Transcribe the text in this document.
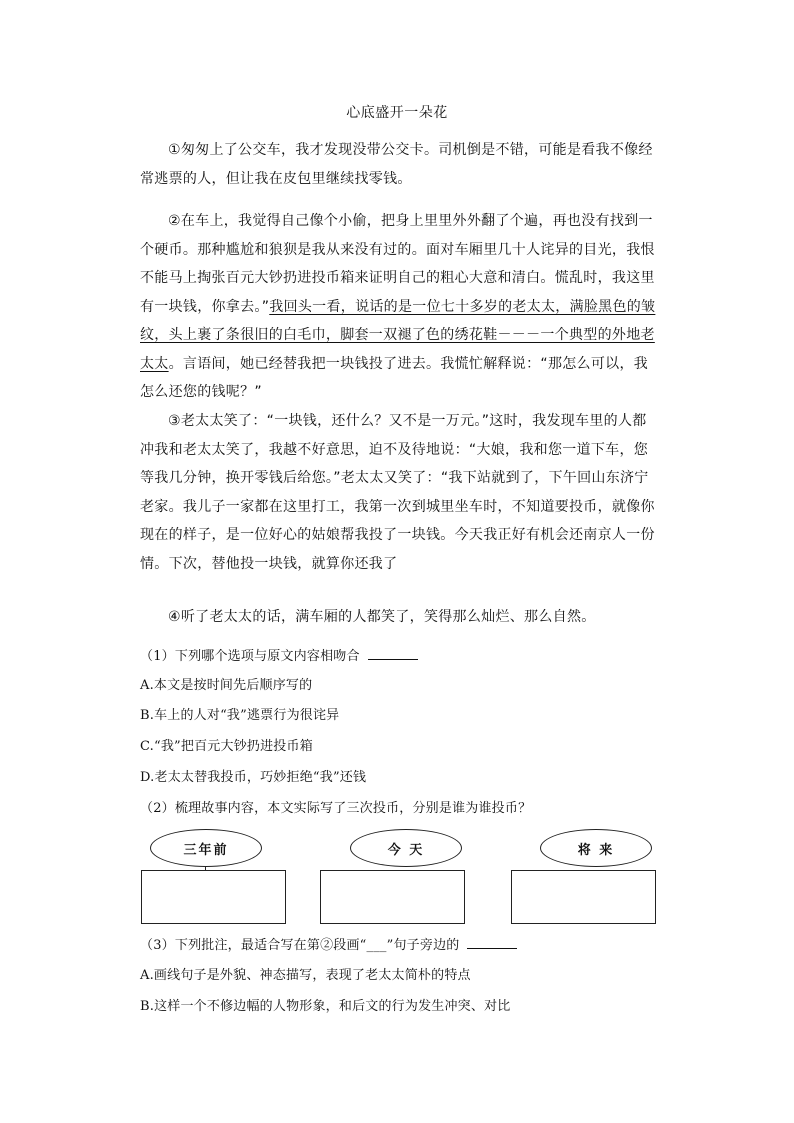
心底盛开一朵花
①匆匆上了公交车，我才发现没带公交卡。司机倒是不错，可能是看我不像经常逃票的人，但让我在皮包里继续找零钱。
②在车上，我觉得自己像个小偷，把身上里里外外翻了个遍，再也没有找到一个硬币。那种尴尬和狼狈是我从来没有过的。面对车厢里几十人诧异的目光，我恨不能马上掏张百元大钞扔进投币箱来证明自己的粗心大意和清白。慌乱时，我这里有一块钱，你拿去。”我回头一看，说话的是一位七十多岁的老太太，满脸黑色的皱纹，头上裹了条很旧的白毛巾，脚套一双褪了色的绣花鞋－－－一个典型的外地老太太。言语间，她已经替我把一块钱投了进去。我慌忙解释说：“那怎么可以，我怎么还您的钱呢？”
③老太太笑了：“一块钱，还什么？又不是一万元。”这时，我发现车里的人都冲我和老太太笑了，我越不好意思，迫不及待地说：“大娘，我和您一道下车，您等我几分钟，换开零钱后给您。”老太太又笑了：“我下站就到了，下午回山东济宁老家。我儿子一家都在这里打工，我第一次到城里坐车时，不知道要投币，就像你现在的样子，是一位好心的姑娘帮我投了一块钱。今天我正好有机会还南京人一份情。下次，替他投一块钱，就算你还我了
④听了老太太的话，满车厢的人都笑了，笑得那么灿烂、那么自然。
（1）下列哪个选项与原文内容相吻合
A.本文是按时间先后顺序写的
B.车上的人对“我”逃票行为很诧异
C.“我”把百元大钞扔进投币箱
D.老太太替我投币，巧妙拒绝“我”还钱
（2）梳理故事内容，本文实际写了三次投币，分别是谁为谁投币？
三年前	今 天	将 来
（3）下列批注，最适合写在第②段画“___”句子旁边的
A.画线句子是外貌、神态描写，表现了老太太简朴的特点
B.这样一个不修边幅的人物形象，和后文的行为发生冲突、对比
